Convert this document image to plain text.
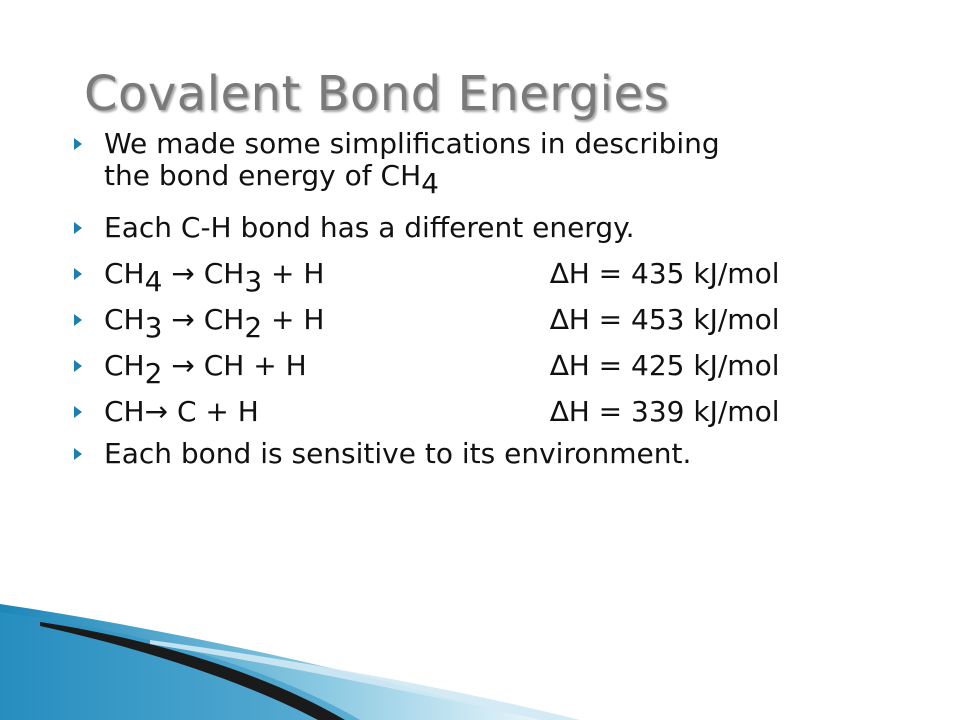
Covalent Bond Energies
We made some simplifications in describing
the bond energy of CH4
Each C-H bond has a different energy.
CH4 → CH3 + H	∆H = 435 kJ/mol
CH3 → CH2 + H	∆H = 453 kJ/mol
CH2 → CH + H	∆H = 425 kJ/mol
CH→ C + H	∆H = 339 kJ/mol
Each bond is sensitive to its environment.
